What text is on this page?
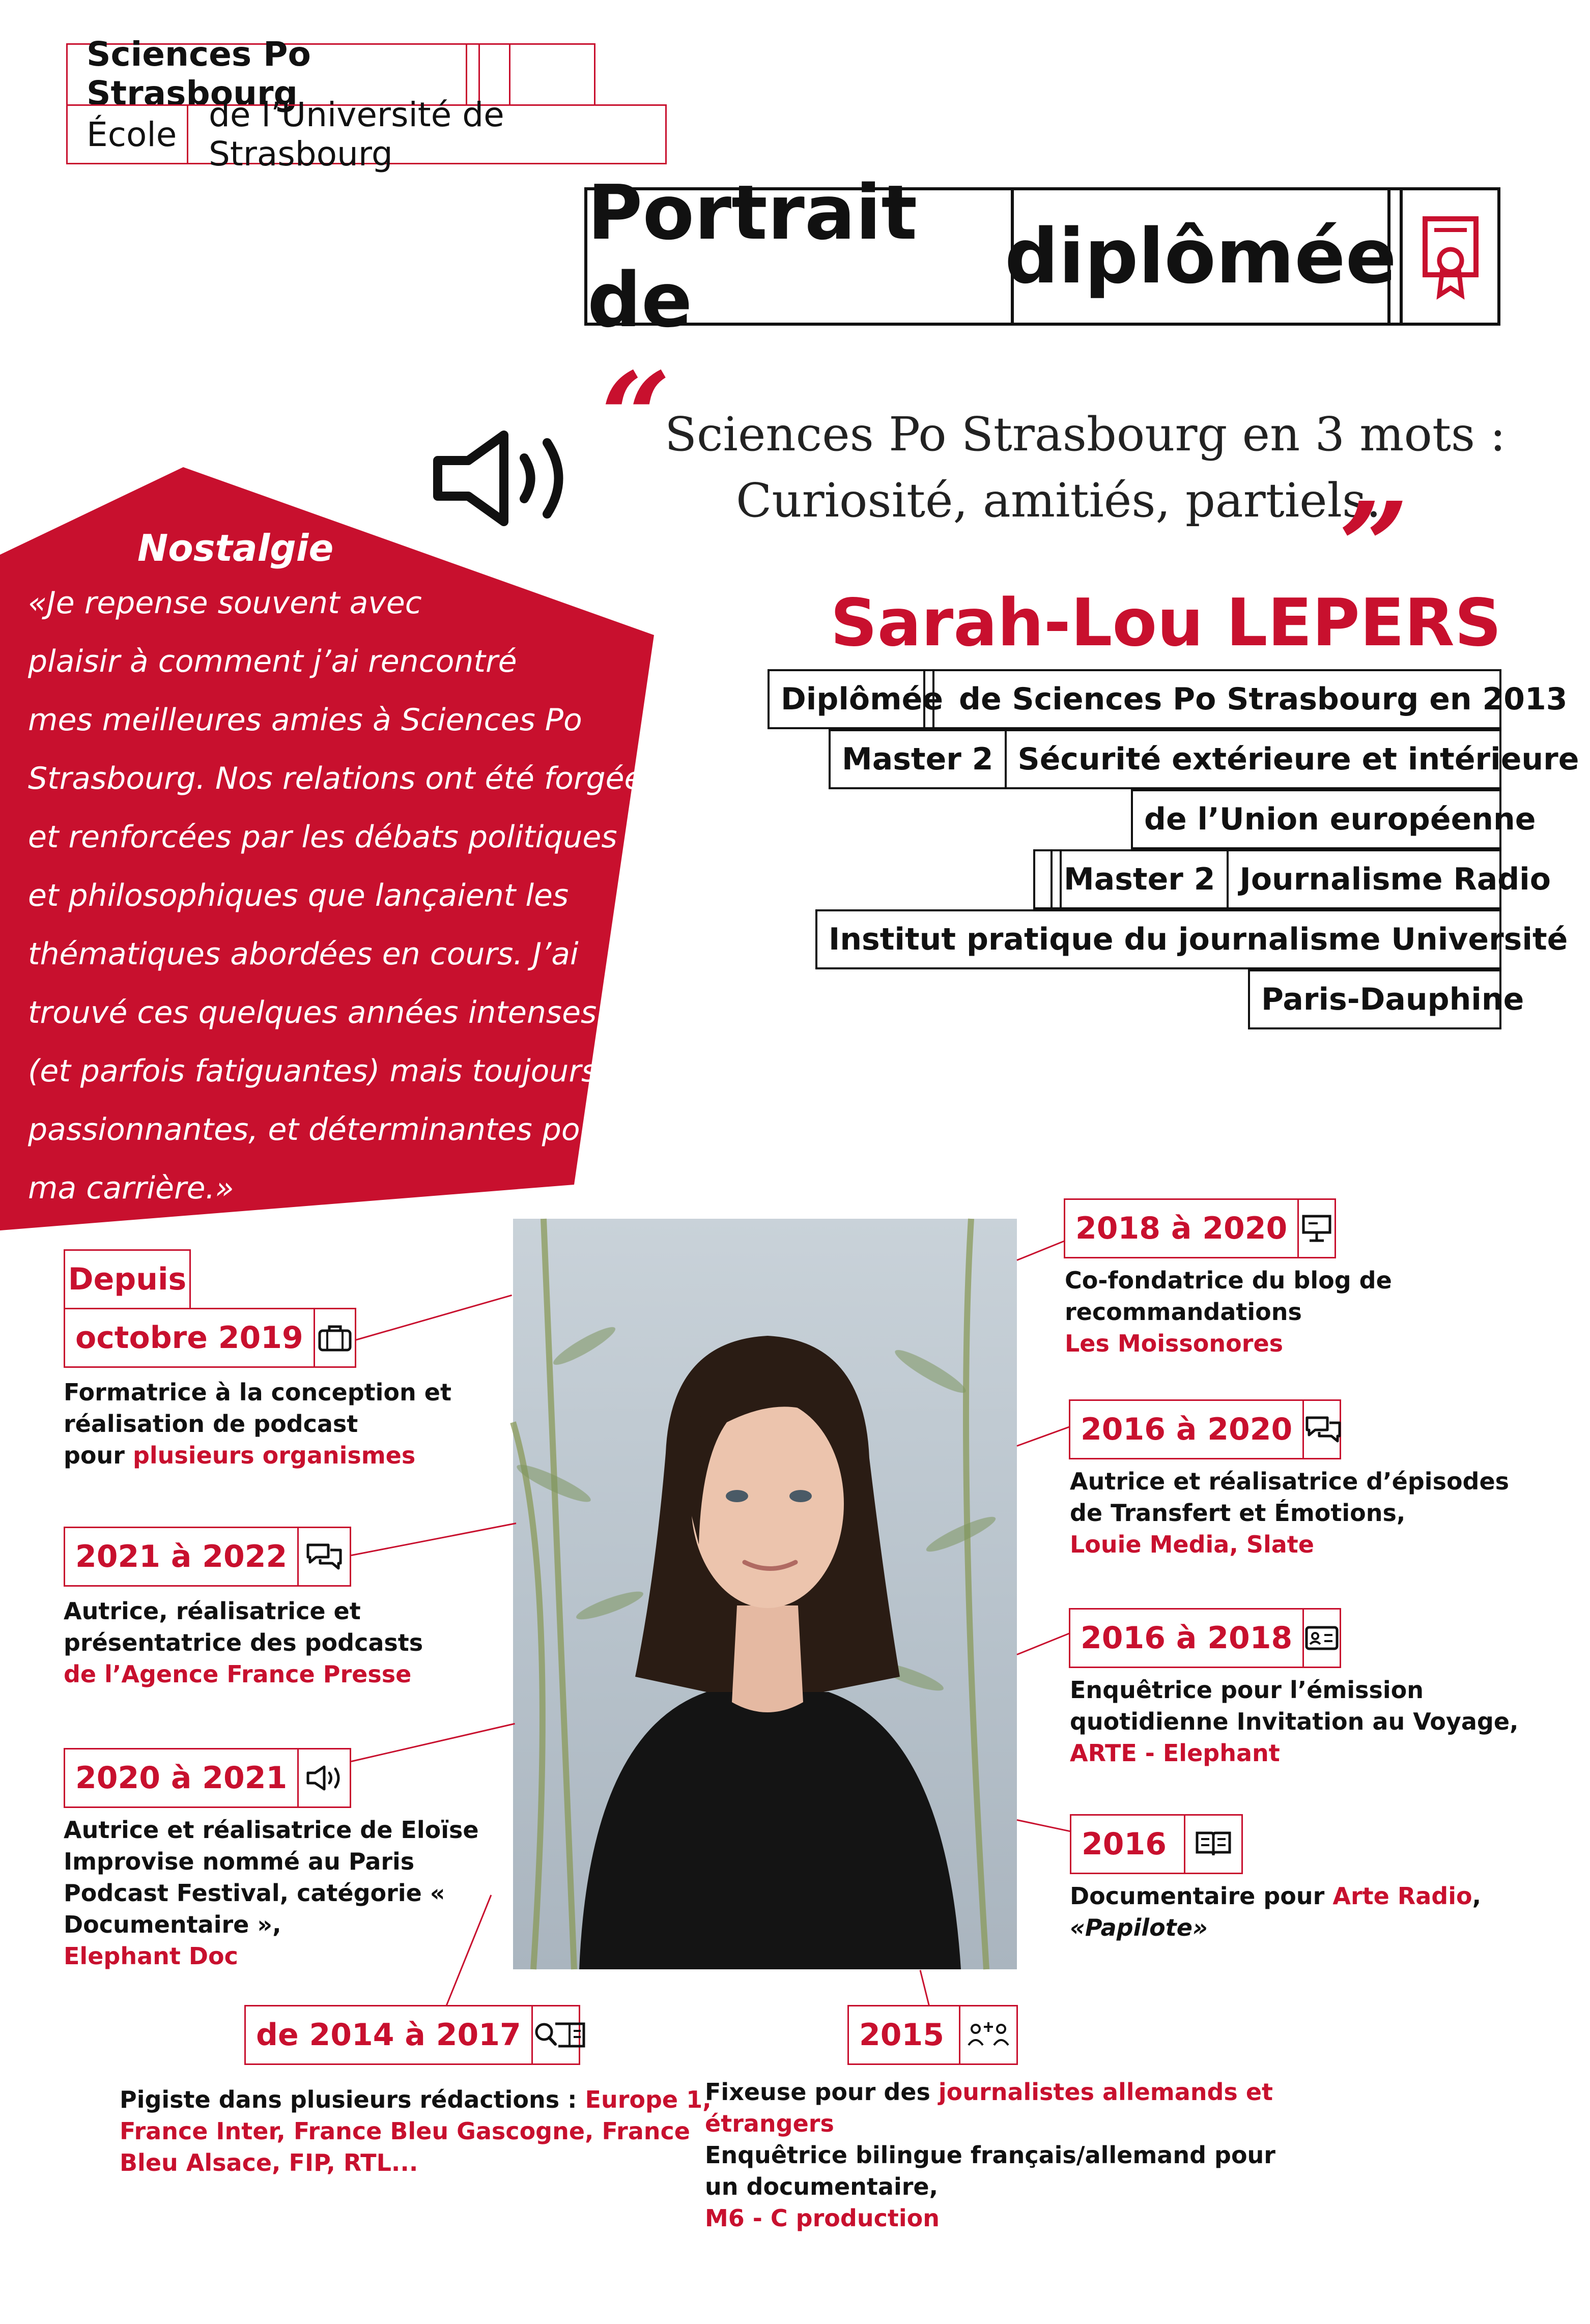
Sciences Po Strasbourg
École de l’Université de Strasbourg
Portrait de	diplômée
“
Sciences Po Strasbourg en 3 mots :
Curiosité, amitiés, partiels.
”
Sarah-Lou LEPERS
Diplômée de Sciences Po Strasbourg en 2013
Master 2 Sécurité extérieure et intérieure
de l’Union européenne
Master 2 Journalisme Radio
Institut pratique du journalisme Université
Paris-Dauphine
Nostalgie
«Je repense souvent avec
plaisir à comment j’ai rencontré
mes meilleures amies à Sciences Po
Strasbourg. Nos relations ont été forgées
et renforcées par les débats politiques
et philosophiques que lançaient les
thématiques abordées en cours. J’ai
trouvé ces quelques années intenses
(et parfois fatiguantes) mais toujours
passionnantes, et déterminantes pour
ma carrière.»
Depuis
octobre 2019
Formatrice à la conception et
réalisation de podcast
pour plusieurs organismes
2021 à 2022
Autrice, réalisatrice et
présentatrice des podcasts
de l’Agence France Presse
2020 à 2021
Autrice et réalisatrice de Eloïse
Improvise nommé au Paris
Podcast Festival, catégorie «
Documentaire »,
Elephant Doc
de 2014 à 2017
Pigiste dans plusieurs rédactions : Europe 1,
France Inter, France Bleu Gascogne, France
Bleu Alsace, FIP, RTL...
2018 à 2020
Co-fondatrice du blog de
recommandations
Les Moissonores
2016 à 2020
Autrice et réalisatrice d’épisodes
de Transfert et Émotions,
Louie Media, Slate
2016 à 2018
Enquêtrice pour l’émission
quotidienne Invitation au Voyage,
ARTE - Elephant
2016
Documentaire pour Arte Radio,
«Papilote»
2015
Fixeuse pour des journalistes allemands et
étrangers
Enquêtrice bilingue français/allemand pour
un documentaire,
M6 - C production
